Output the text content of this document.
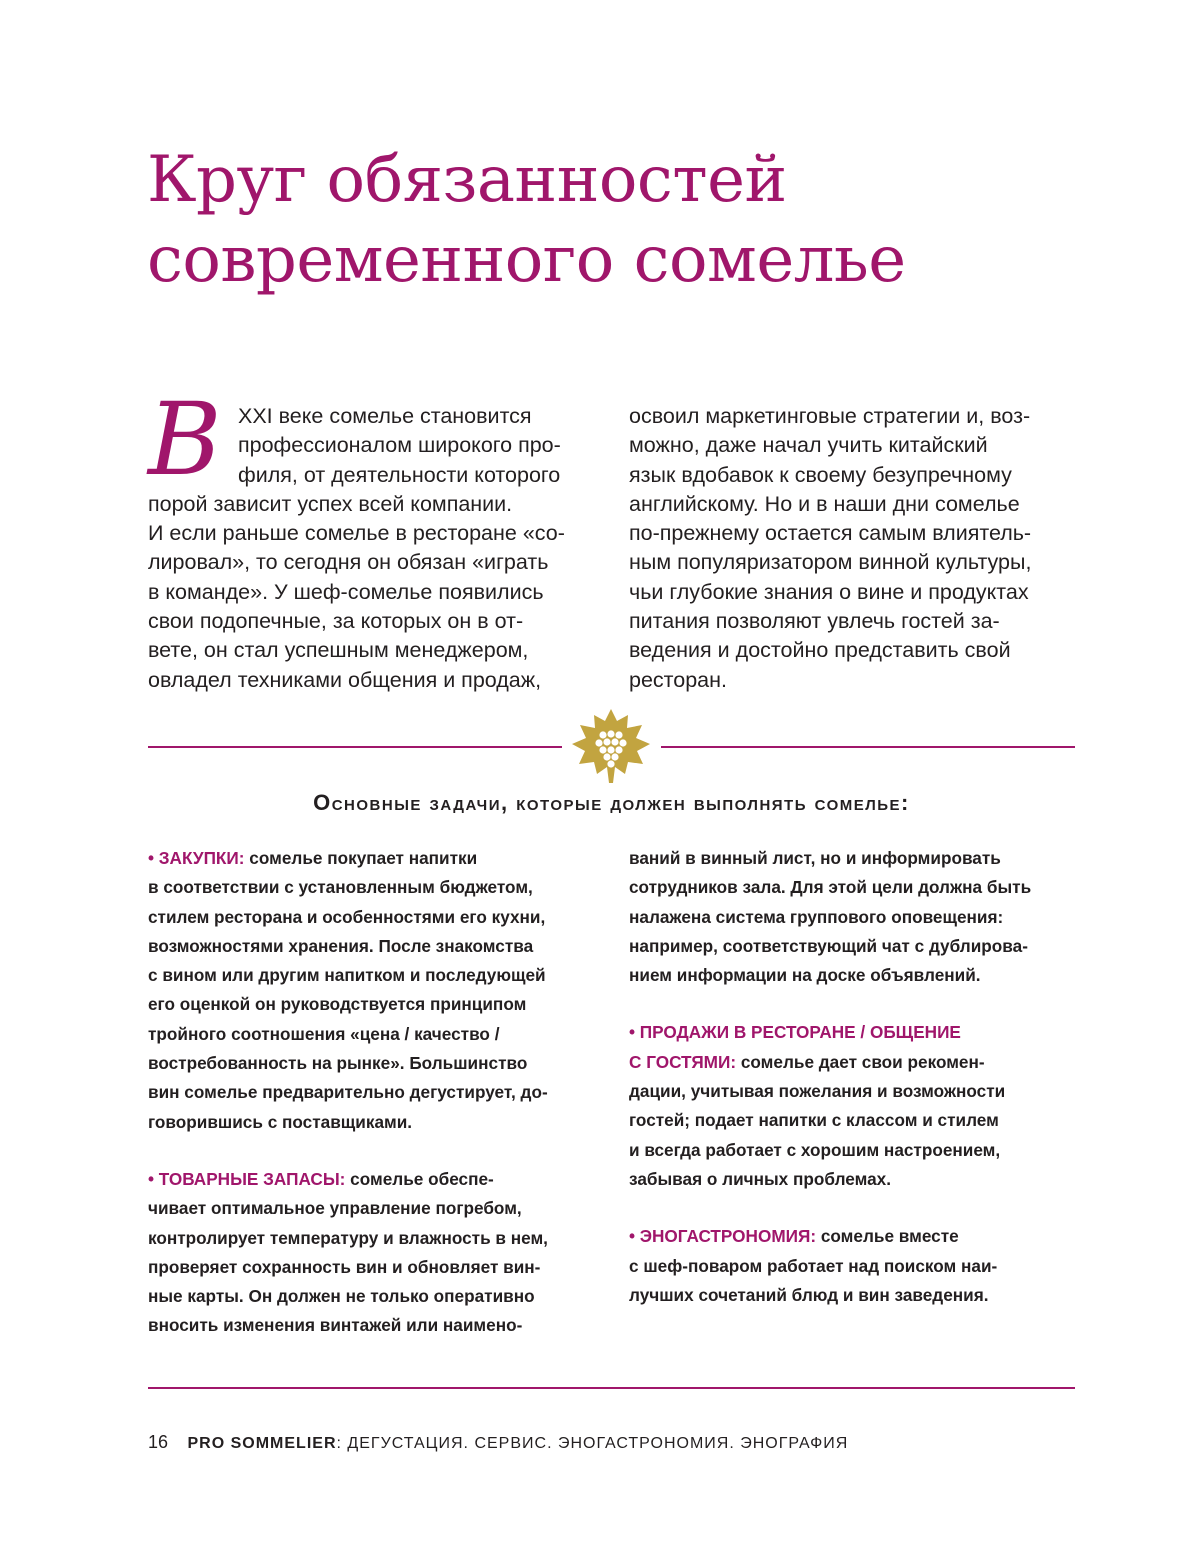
Круг обязанностей
современного сомелье
В XXI веке сомелье становится
профессионалом широкого про-
филя, от деятельности которого
порой зависит успех всей компании.
И если раньше сомелье в ресторане «со-
лировал», то сегодня он обязан «играть
в команде». У шеф-сомелье появились
свои подопечные, за которых он в от-
вете, он стал успешным менеджером,
овладел техниками общения и продаж,
освоил маркетинговые стратегии и, воз-
можно, даже начал учить китайский
язык вдобавок к своему безупречному
английскому. Но и в наши дни сомелье
по-прежнему остается самым влиятель-
ным популяризатором винной культуры,
чьи глубокие знания о вине и продуктах
питания позволяют увлечь гостей за-
ведения и достойно представить свой
ресторан.
Основные задачи, которые должен выполнять сомелье:
• ЗАКУПКИ: сомелье покупает напитки
в соответствии с установленным бюджетом,
стилем ресторана и особенностями его кухни,
возможностями хранения. После знакомства
с вином или другим напитком и последующей
его оценкой он руководствуется принципом
тройного соотношения «цена / качество /
востребованность на рынке». Большинство
вин сомелье предварительно дегустирует, до-
говорившись с поставщиками.
• ТОВАРНЫЕ ЗАПАСЫ: сомелье обеспе-
чивает оптимальное управление погребом,
контролирует температуру и влажность в нем,
проверяет сохранность вин и обновляет вин-
ные карты. Он должен не только оперативно
вносить изменения винтажей или наимено-
ваний в винный лист, но и информировать
сотрудников зала. Для этой цели должна быть
налажена система группового оповещения:
например, соответствующий чат с дублирова-
нием информации на доске объявлений.
• ПРОДАЖИ В РЕСТОРАНЕ / ОБЩЕНИЕ
С ГОСТЯМИ: сомелье дает свои рекомен-
дации, учитывая пожелания и возможности
гостей; подает напитки с классом и стилем
и всегда работает с хорошим настроением,
забывая о личных проблемах.
• ЭНОГАСТРОНОМИЯ: сомелье вместе
с шеф-поваром работает над поиском наи-
лучших сочетаний блюд и вин заведения.
16 PRO SOMMELIER: ДЕГУСТАЦИЯ. СЕРВИС. ЭНОГАСТРОНОМИЯ. ЭНОГРАФИЯ
